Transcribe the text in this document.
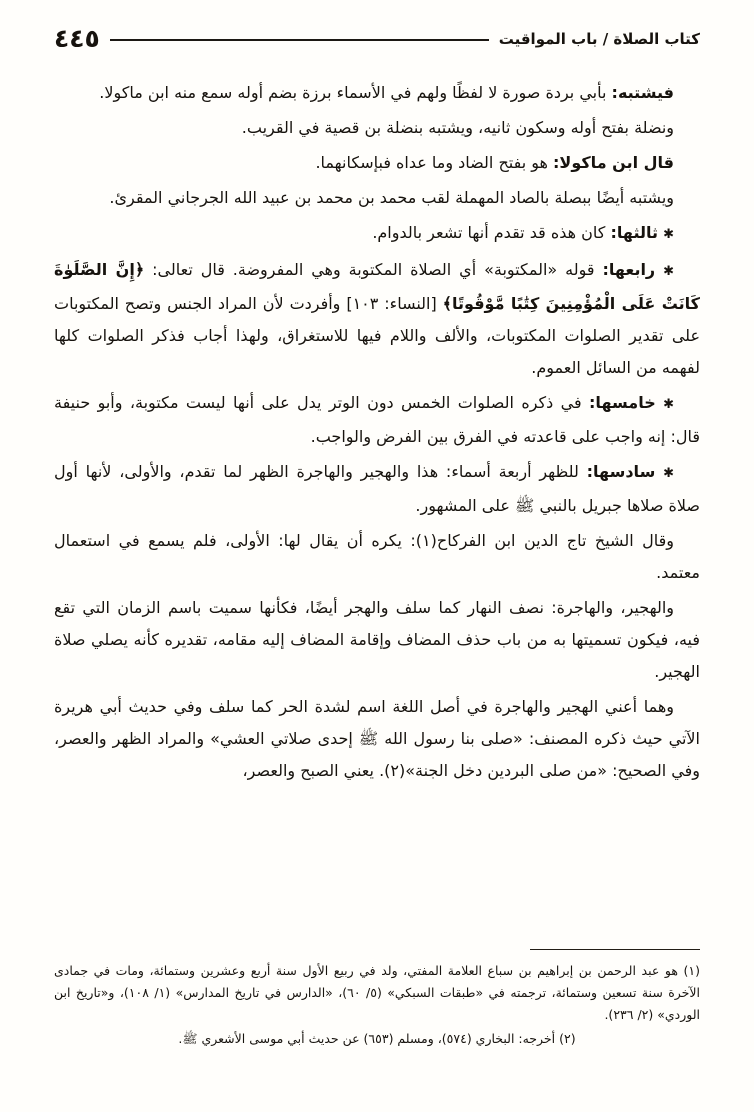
كتاب الصلاة / باب المواقيت
٤٤٥

فيشتبه: بأبي بردة صورة لا لفظًا ولهم في الأسماء برزة بضم أوله سمع منه ابن ماكولا.

ونضلة بفتح أوله وسكون ثانيه، ويشتبه بنضلة بن قصية في القريب.

قال ابن ماكولا: هو بفتح الضاد وما عداه فبإسكانهما.

ويشتبه أيضًا ببصلة بالصاد المهملة لقب محمد بن محمد بن عبيد الله الجرجاني المقرئ.

✱ ثالثها: كان هذه قد تقدم أنها تشعر بالدوام.

✱ رابعها: قوله «المكتوبة» أي الصلاة المكتوبة وهي المفروضة. قال تعالى: ﴿إِنَّ الصَّلَوٰةَ كَانَتْ عَلَى الْمُؤْمِنِينَ كِتَٰبًا مَّوْقُوتًا﴾ [النساء: ١٠٣] وأفردت لأن المراد الجنس وتصح المكتوبات على تقدير الصلوات المكتوبات، والألف واللام فيها للاستغراق، ولهذا أجاب فذكر الصلوات كلها لفهمه من السائل العموم.

✱ خامسها: في ذكره الصلوات الخمس دون الوتر يدل على أنها ليست مكتوبة، وأبو حنيفة قال: إنه واجب على قاعدته في الفرق بين الفرض والواجب.

✱ سادسها: للظهر أربعة أسماء: هذا والهجير والهاجرة الظهر لما تقدم، والأولى، لأنها أول صلاة صلاها جبريل بالنبي ﷺ على المشهور.

وقال الشيخ تاج الدين ابن الفركاح(١): يكره أن يقال لها: الأولى، فلم يسمع في استعمال معتمد.

والهجير، والهاجرة: نصف النهار كما سلف والهجر أيضًا، فكأنها سميت باسم الزمان التي تقع فيه، فيكون تسميتها به من باب حذف المضاف وإقامة المضاف إليه مقامه، تقديره كأنه يصلي صلاة الهجير.

وهما أعني الهجير والهاجرة في أصل اللغة اسم لشدة الحر كما سلف وفي حديث أبي هريرة الآتي حيث ذكره المصنف: «صلى بنا رسول الله ﷺ إحدى صلاتي العشي» والمراد الظهر والعصر، وفي الصحيح: «من صلى البردين دخل الجنة»(٢). يعني الصبح والعصر،

(١) هو عبد الرحمن بن إبراهيم بن سباع العلامة المفتي، ولد في ربيع الأول سنة أربع وعشرين وستمائة، ومات في جمادى الآخرة سنة تسعين وستمائة، ترجمته في «طبقات السبكي» (٥/ ٦٠)، «الدارس في تاريخ المدارس» (١/ ١٠٨)، و«تاريخ ابن الوردي» (٢/ ٢٣٦).

(٢) أخرجه: البخاري (٥٧٤)، ومسلم (٦٥٣) عن حديث أبي موسى الأشعري ﷺ.
